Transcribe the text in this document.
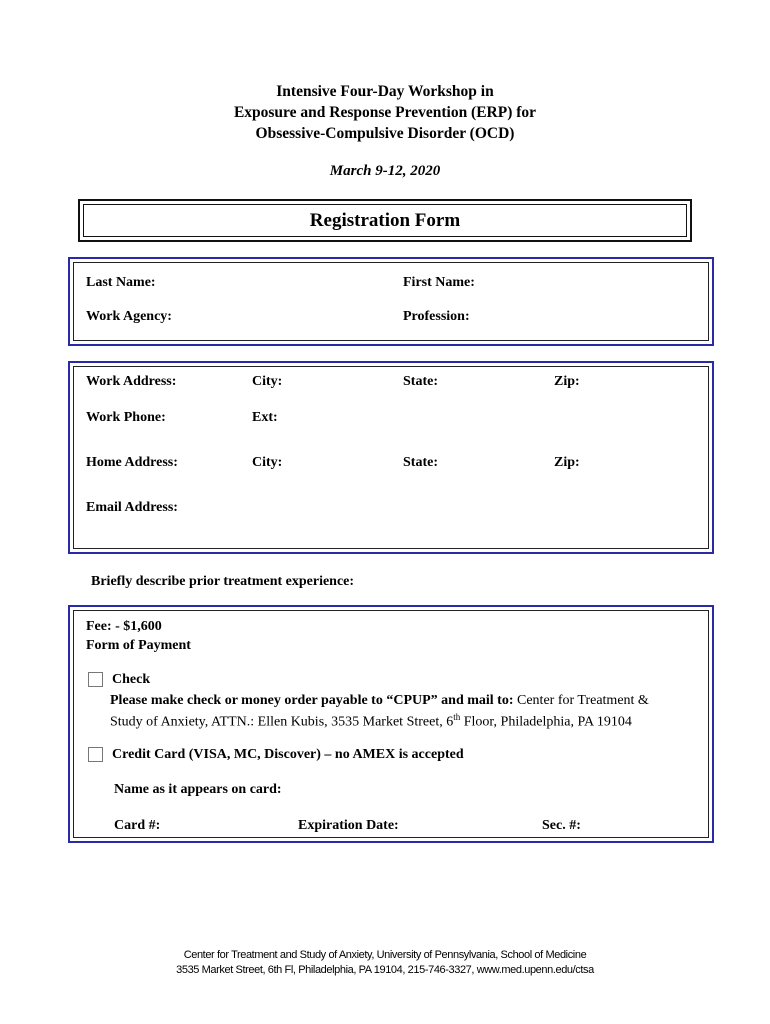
Intensive Four-Day Workshop in
Exposure and Response Prevention (ERP) for
Obsessive-Compulsive Disorder (OCD)
March 9-12, 2020
Registration Form
Last Name:	First Name:
Work Agency:	Profession:
Work Address:	City:	State:	Zip:
Work Phone:	Ext:
Home Address:	City:	State:	Zip:
Email Address:
Briefly describe prior treatment experience:
Fee: - $1,600
Form of Payment
Check
Please make check or money order payable to “CPUP” and mail to: Center for Treatment &
Study of Anxiety, ATTN.: Ellen Kubis, 3535 Market Street, 6th Floor, Philadelphia, PA 19104
Credit Card (VISA, MC, Discover) – no AMEX is accepted
Name as it appears on card:
Card #:	Expiration Date:	Sec. #:
Center for Treatment and Study of Anxiety, University of Pennsylvania, School of Medicine
3535 Market Street, 6th Fl, Philadelphia, PA 19104, 215-746-3327, www.med.upenn.edu/ctsa
